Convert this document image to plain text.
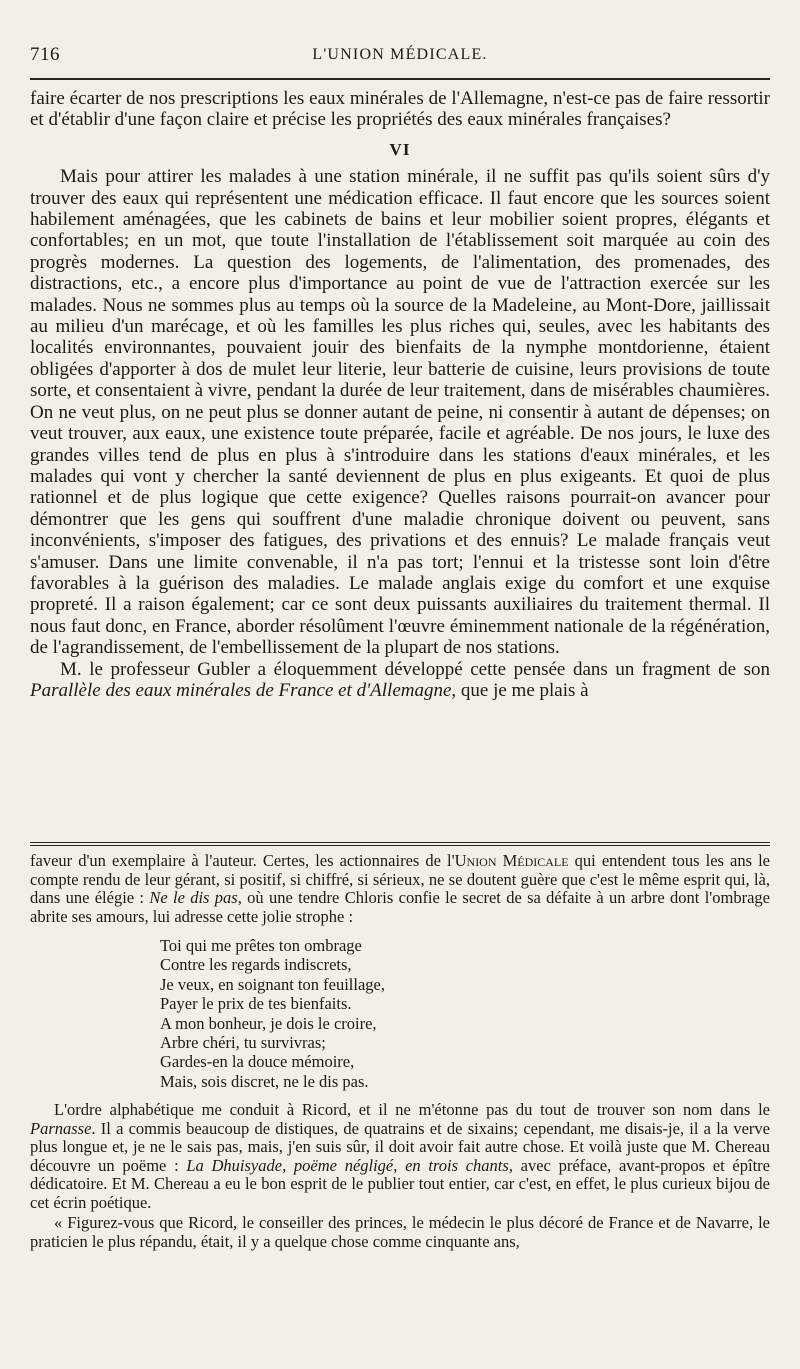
716	L'UNION MÉDICALE.

faire écarter de nos prescriptions les eaux minérales de l'Allemagne, n'est-ce pas de faire ressortir et d'établir d'une façon claire et précise les propriétés des eaux minérales françaises?

VI

Mais pour attirer les malades à une station minérale, il ne suffit pas qu'ils soient sûrs d'y trouver des eaux qui représentent une médication efficace. Il faut encore que les sources soient habilement aménagées, que les cabinets de bains et leur mobilier soient propres, élégants et confortables; en un mot, que toute l'installation de l'établissement soit marquée au coin des progrès modernes. La question des logements, de l'alimentation, des promenades, des distractions, etc., a encore plus d'importance au point de vue de l'attraction exercée sur les malades. Nous ne sommes plus au temps où la source de la Madeleine, au Mont-Dore, jaillissait au milieu d'un marécage, et où les familles les plus riches qui, seules, avec les habitants des localités environnantes, pouvaient jouir des bienfaits de la nymphe montdorienne, étaient obligées d'apporter à dos de mulet leur literie, leur batterie de cuisine, leurs provisions de toute sorte, et consentaient à vivre, pendant la durée de leur traitement, dans de misérables chaumières. On ne veut plus, on ne peut plus se donner autant de peine, ni consentir à autant de dépenses; on veut trouver, aux eaux, une existence toute préparée, facile et agréable. De nos jours, le luxe des grandes villes tend de plus en plus à s'introduire dans les stations d'eaux minérales, et les malades qui vont y chercher la santé deviennent de plus en plus exigeants. Et quoi de plus rationnel et de plus logique que cette exigence? Quelles raisons pourrait-on avancer pour démontrer que les gens qui souffrent d'une maladie chronique doivent ou peuvent, sans inconvénients, s'imposer des fatigues, des privations et des ennuis? Le malade français veut s'amuser. Dans une limite convenable, il n'a pas tort; l'ennui et la tristesse sont loin d'être favorables à la guérison des maladies. Le malade anglais exige du comfort et une exquise propreté. Il a raison également; car ce sont deux puissants auxiliaires du traitement thermal. Il nous faut donc, en France, aborder résolûment l'œuvre éminemment nationale de la régénération, de l'agrandissement, de l'embellissement de la plupart de nos stations.

M. le professeur Gubler a éloquemment développé cette pensée dans un fragment de son Parallèle des eaux minérales de France et d'Allemagne, que je me plais à

faveur d'un exemplaire à l'auteur. Certes, les actionnaires de l'Union Médicale qui entendent tous les ans le compte rendu de leur gérant, si positif, si chiffré, si sérieux, ne se doutent guère que c'est le même esprit qui, là, dans une élégie : Ne le dis pas, où une tendre Chloris confie le secret de sa défaite à un arbre dont l'ombrage abrite ses amours, lui adresse cette jolie strophe :

Toi qui me prêtes ton ombrage
Contre les regards indiscrets,
Je veux, en soignant ton feuillage,
Payer le prix de tes bienfaits.
A mon bonheur, je dois le croire,
Arbre chéri, tu survivras;
Gardes-en la douce mémoire,
Mais, sois discret, ne le dis pas.

L'ordre alphabétique me conduit à Ricord, et il ne m'étonne pas du tout de trouver son nom dans le Parnasse. Il a commis beaucoup de distiques, de quatrains et de sixains; cependant, me disais-je, il a la verve plus longue et, je ne le sais pas, mais, j'en suis sûr, il doit avoir fait autre chose. Et voilà juste que M. Chereau découvre un poëme : La Dhuisyade, poëme négligé, en trois chants, avec préface, avant-propos et épître dédicatoire. Et M. Chereau a eu le bon esprit de le publier tout entier, car c'est, en effet, le plus curieux bijou de cet écrin poétique.

« Figurez-vous que Ricord, le conseiller des princes, le médecin le plus décoré de France et de Navarre, le praticien le plus répandu, était, il y a quelque chose comme cinquante ans,
